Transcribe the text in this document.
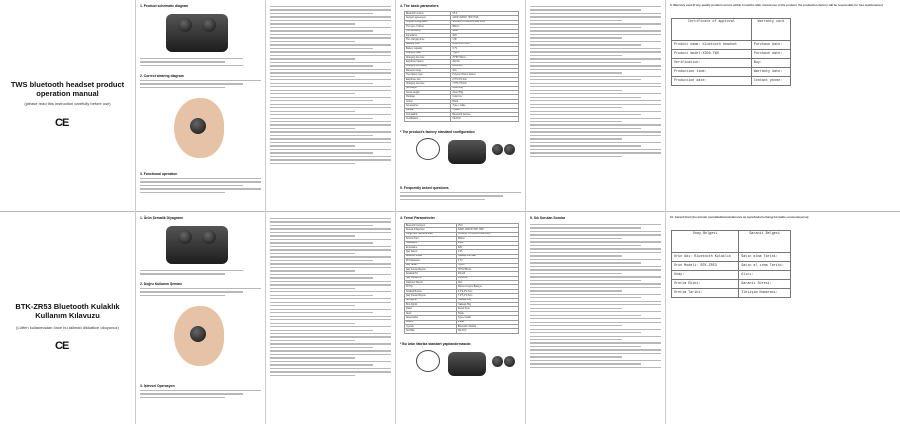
TWS bluetooth headset product operation manual
(please read this instruction carefully before use)
CE
1. Product schematic diagram
2. Correct wearing diagram
3. Functional operation
4. The basic parameters
Bluetooth version	V5.0
Support agreement	A2DP, AVRCP, HFP, HSP
Chipset configuration	JL6936D 5.0 BAGUS.BLE BIOS
The type of driver	Ф8mm
The sensitivity	98dB
Impedance	32Ω
The charging time	1.5h
Standby time	About 240 Hours
Battery capacity	3.7V
Charging base	Type-c
Charging box size	76*51*36mm
Earphone battery	40mAh
Charging box battery	2000mAh
Wireless range	10m
The battery type	Polymer lithium battery
Earphone size	2.5*2.4*2.3cm
Charging box size	7.6*5.1*3.6cm
Net weight	About 40g
Gross weight	About 55g
Package	Color box
Colour	Black
Accessories	Type-c cable
Manual	1 piece
Compatible	Bluetooth devices
Certification	CE FCC
* The product's factory standard configuration
5. Frequently asked questions
6. Warranty card (if any quality problem occurs within 6 months after normal use of the product, the production factory will be responsible for free maintenance)
Certificate of approval	Warranty card
Product name: bluetooth headset	Purchase date:
Product model:X300-TWS	Purchase date:
Verification:	Buy:
Production time:	Warranty date:
Production date:	Contact phone:
BTK-ZR53 Bluetooth Kulaklık Kullanım Kılavuzu
(Lütfen kullanmadan önce bu talimatı dikkatlice okuyunuz)
CE
1. Ürün Şematik Diyagramı
2. Doğru Kullanım Şeması
3. İşlevsel Operasyon
4. Temel Parametreler
Bluetooth Versiyon	V5.0
Destek Anlaşması	A2DP, AVRCP, HFP, HSP
Yonga Seti Yapılandırması	JL6936D 5.0 BAGUS.BLE BIOS
Sürücü Türü	Ф8mm
Hassasiyet	98dB
Empedans	32Ω
Şarj Süresi	1.5h
Bekleme Süresi	Yaklaşık 240 saat
Pil Kapasitesi	3.7V
Şarj Tabanı	Type-c
Şarj Kutusu Boyutu	76*51*36mm
Kulaklık Pili	40mAh
Şarj Kutusu Pili	2000mAh
Kablosuz Menzil	10m
Pil Tipi	Polimer Lityum Batarya
Kulaklık Boyutu	2.5*2.4*2.3cm
Şarj Kutusu Boyutu	7.6*5.1*3.6cm
Net Ağırlık	Yaklaşık 40g
Brüt Ağırlık	Yaklaşık 55g
Paket	Renkli Kutu
Renk	Siyah
Aksesuarlar	Type-c kablo
Kılavuz	1 adet
Uyumlu	Bluetooth cihazlar
Sertifika	CE FCC
* Bu ürün fabrika standart yapılandırmasıdır.
5. Sık Sorulan Sorular	10. Garanti Kartı (bu ürünün normalkullanımındanonra üç ayzarfında herhangi bir kalite sorunuoluşursa)
Onay Belgesi	Garanti Belgesi
Ürün Adı: Bluetooth Kulaklık	Satın alma Tarihi:
Ürün Modeli: BTK-ZR53	Satın al ırma Tarihi:
Onay:	Alıcı:
Üretim Ekibi:	Garanti Süresi:
Üretim Tarihi:	İletişim Numarası:
